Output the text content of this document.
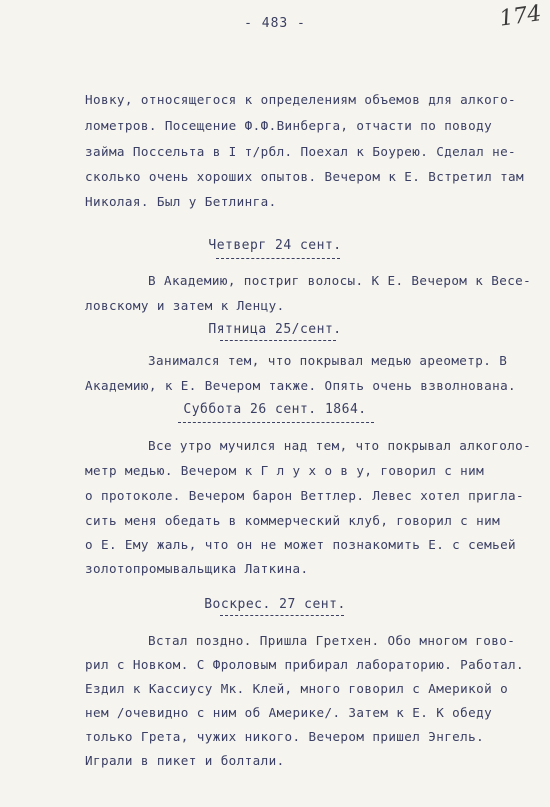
- 483 -	174
Новку, относящегося к определениям объемов для алкого-
лометров. Посещение Ф.Ф.Винберга, отчасти по поводу
займа Поссельта в I т/рбл. Поехал к Боурею. Сделал не-
сколько очень хороших опытов. Вечером к Е. Встретил там
Николая. Был у Бетлинга.
Четверг 24 сент.
В Академию, постриг волосы. К Е. Вечером к Весе-
ловскому и затем к Ленцу.
Пятница 25/сент.
Занимался тем, что покрывал медью ареометр. В
Академию, к Е. Вечером также. Опять очень взволнована.
Суббота 26 сент. 1864.
Все утро мучился над тем, что покрывал алкоголо-
метр медью. Вечером к Г л у х о в у, говорил с ним
о протоколе. Вечером барон Веттлер. Левес хотел пригла-
сить меня обедать в коммерческий клуб, говорил с ним
о Е. Ему жаль, что он не может познакомить Е. с семьей
золотопромывальщика Латкина.
Воскрес. 27 сент.
Встал поздно. Пришла Гретхен. Обо многом гово-
рил с Новком. С Фроловым прибирал лабораторию. Работал.
Ездил к Кассиусу Мк. Клей, много говорил с Америкой о
нем /очевидно с ним об Америке/. Затем к Е. К обеду
только Грета, чужих никого. Вечером пришел Энгель.
Играли в пикет и болтали.
